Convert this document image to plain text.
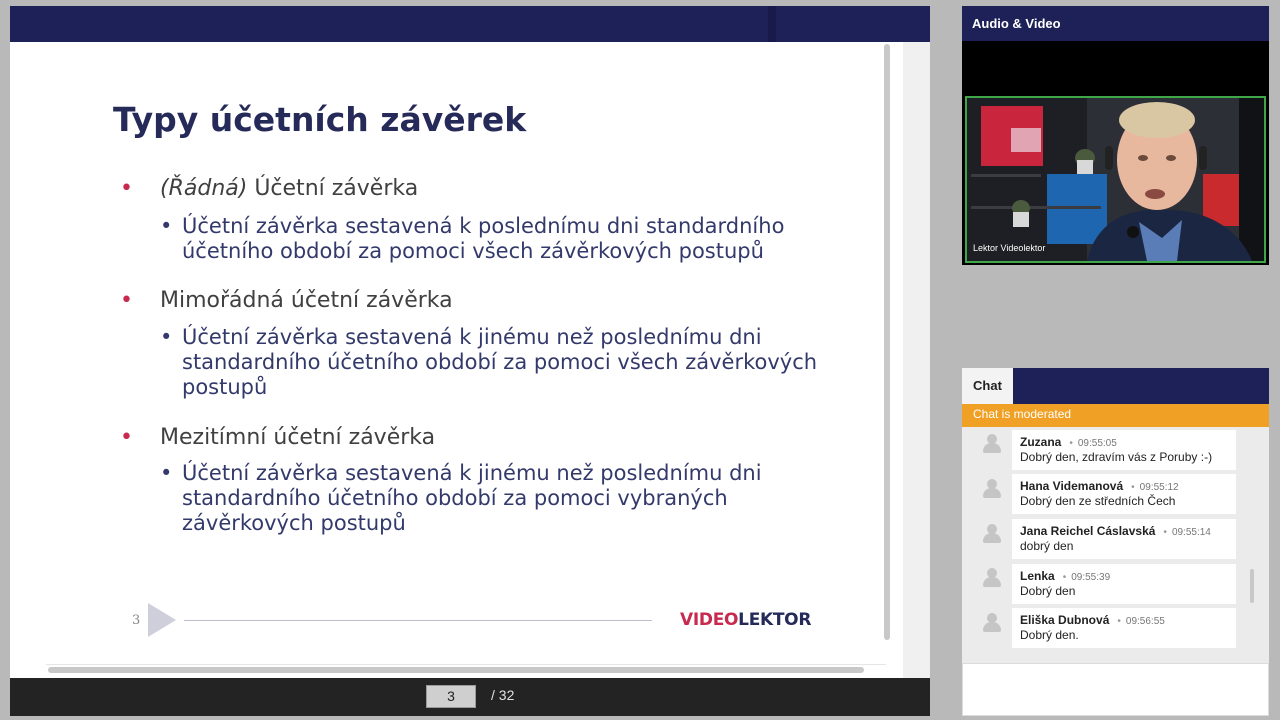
Typy účetních závěrek
• (Řádná) Účetní závěrka
• Účetní závěrka sestavená k poslednímu dni standardního
účetního období za pomoci všech závěrkových postupů
• Mimořádná účetní závěrka
• Účetní závěrka sestavená k jinému než poslednímu dni
standardního účetního období za pomoci všech závěrkových
postupů
• Mezitímní účetní závěrka
• Účetní závěrka sestavená k jinému než poslednímu dni
standardního účetního období za pomoci vybraných
závěrkových postupů
3	VIDEOLEKTOR
3	/ 32
Audio & Video
Lektor Videolektor
Chat
Chat is moderated
Zuzana • 09:55:05
Dobrý den, zdravím vás z Poruby :-)
Hana Videmanová • 09:55:12
Dobrý den ze středních Čech
Jana Reichel Cáslavská • 09:55:14
dobrý den
Lenka • 09:55:39
Dobrý den
Eliška Dubnová • 09:56:55
Dobrý den.
